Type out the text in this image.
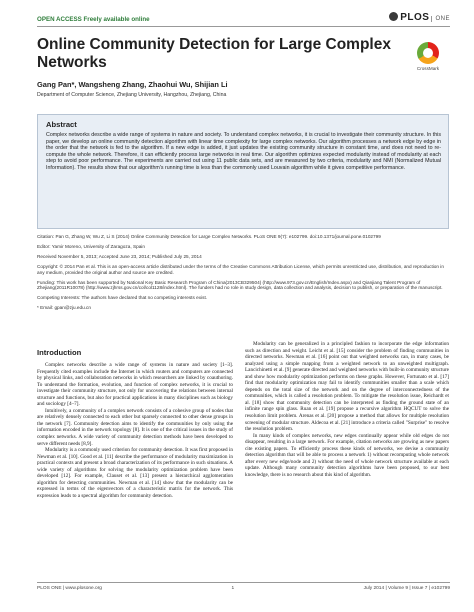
OPEN ACCESS Freely available online	PLOS ONE
Online Community Detection for Large Complex Networks	CrossMark
Gang Pan*, Wangsheng Zhang, Zhaohui Wu, Shijian Li
Department of Computer Science, Zhejiang University, Hangzhou, Zhejiang, China
Abstract
Complex networks describe a wide range of systems in nature and society. To understand complex networks, it is crucial to investigate their community structure. In this paper, we develop an online community detection algorithm with linear time complexity for large complex networks. Our algorithm processes a network edge by edge in the order that the network is fed to the algorithm. If a new edge is added, it just updates the existing community structure in constant time, and does not need to re-compute the whole network. Therefore, it can efficiently process large networks in real time. Our algorithm optimizes expected modularity instead of modularity at each step to avoid poor performance. The experiments are carried out using 11 public data sets, and are measured by two criteria, modularity and NMI (Normalized Mutual Information). The results show that our algorithm's running time is less than the commonly used Louvain algorithm while it gives competitive performance.

Citation: Pan G, Zhang W, Wu Z, Li S (2014) Online Community Detection for Large Complex Networks. PLoS ONE 9(7): e102799. doi:10.1371/journal.pone.0102799

Editor: Yamir Moreno, University of Zaragoza, Spain

Received November 5, 2013; Accepted June 23, 2014; Published July 25, 2014

Copyright: © 2014 Pan et al. This is an open-access article distributed under the terms of the Creative Commons Attribution License, which permits unrestricted use, distribution, and reproduction in any medium, provided the original author and source are credited.

Funding: This work has been supported by National Key Basic Research Program of China(2013CB329504) (http://www.973.gov.cn/English/Index.aspx) and Qianjiang Talent Program of Zhejiang(2011R10078) (http://www.zjhrss.gov.cn/col/col1128/index.html). The funders had no role in study design, data collection and analysis, decision to publish, or preparation of the manuscript.

Competing Interests: The authors have declared that no competing interests exist.

* Email: gpan@zju.edu.cn

Introduction

Complex networks describe a wide range of systems in nature and society [1–3]. Frequently cited examples include the Internet in which routers and computers are connected by physical links, and collaboration networks in which researchers are linked by coauthoring. To understand the formation, evolution, and function of complex networks, it is crucial to investigate their community structure, not only for uncovering the relations between internal structure and functions, but also for practical applications in many disciplines such as biology and sociology [4–7].

Intuitively, a community of a complex network consists of a cohesive group of nodes that are relatively densely connected to each other but sparsely connected to other dense groups in the network [7]. Community detection aims to identify the communities by only using the information encoded in the network topology [8]. It is one of the critical issues in the study of complex networks. A wide variety of community detection methods have been developed to serve different needs [8,9].

Modularity is a commonly used criterion for community detection. It was first proposed in Newman et al. [10]. Good et al. [11] describe the performance of modularity maximization in practical contexts and present a broad characterization of its performance in such situations. A wide variety of algorithms for solving the modularity optimization problem have been developed [12]. For example, Clauset et al. [13] present a hierarchical agglomeration algorithm for detecting communities. Newman et al. [14] show that the modularity can be expressed in terms of the eigenvectors of a characteristic matrix for the network. This expression leads to a spectral algorithm for community detection.

Modularity can be generalized in a principled fashion to incorporate the edge information such as direction and weight. Leicht et al. [15] consider the problem of finding communities in directed networks. Newman et al. [16] point out that weighted networks can, in many cases, be analyzed using a simple mapping from a weighted network to an unweighted multigraph. Lancichinetti et al. [9] generate directed and weighted networks with built-in community structure and show how modularity optimization performs on these graphs. However, Fortunato et al. [17] find that modularity optimization may fail to identify communities smaller than a scale which depends on the total size of the network and on the degree of interconnectedness of the communities, which is called a resolution problem. To mitigate the resolution issue, Reichardt et al. [18] show that community detection can be interpreted as finding the ground state of an infinite range spin glass. Ruan et al. [19] propose a recursive algorithm HQCUT to solve the resolution limit problem. Arenas et al. [20] propose a method that allows for multiple resolution screening of modular structure. Aldecoa et al. [21] introduce a criteria called "Surprise" to resolve the resolution problem.

In many kinds of complex networks, new edges continually appear while old edges do not disappear, resulting in a large network. For example, citation networks are growing as new papers cite existing papers. To efficiently process these kinds of networks, we devise a community detection algorithm that will be able to process a network 1) without recomputing whole network after every new edge/node and 2) without the need of whole network structure available at each update. Although many community detection algorithms have been proposed, to our best knowledge, there is no research about this kind of algorithm.

PLOS ONE | www.plosone.org	1	July 2014 | Volume 9 | Issue 7 | e102799
